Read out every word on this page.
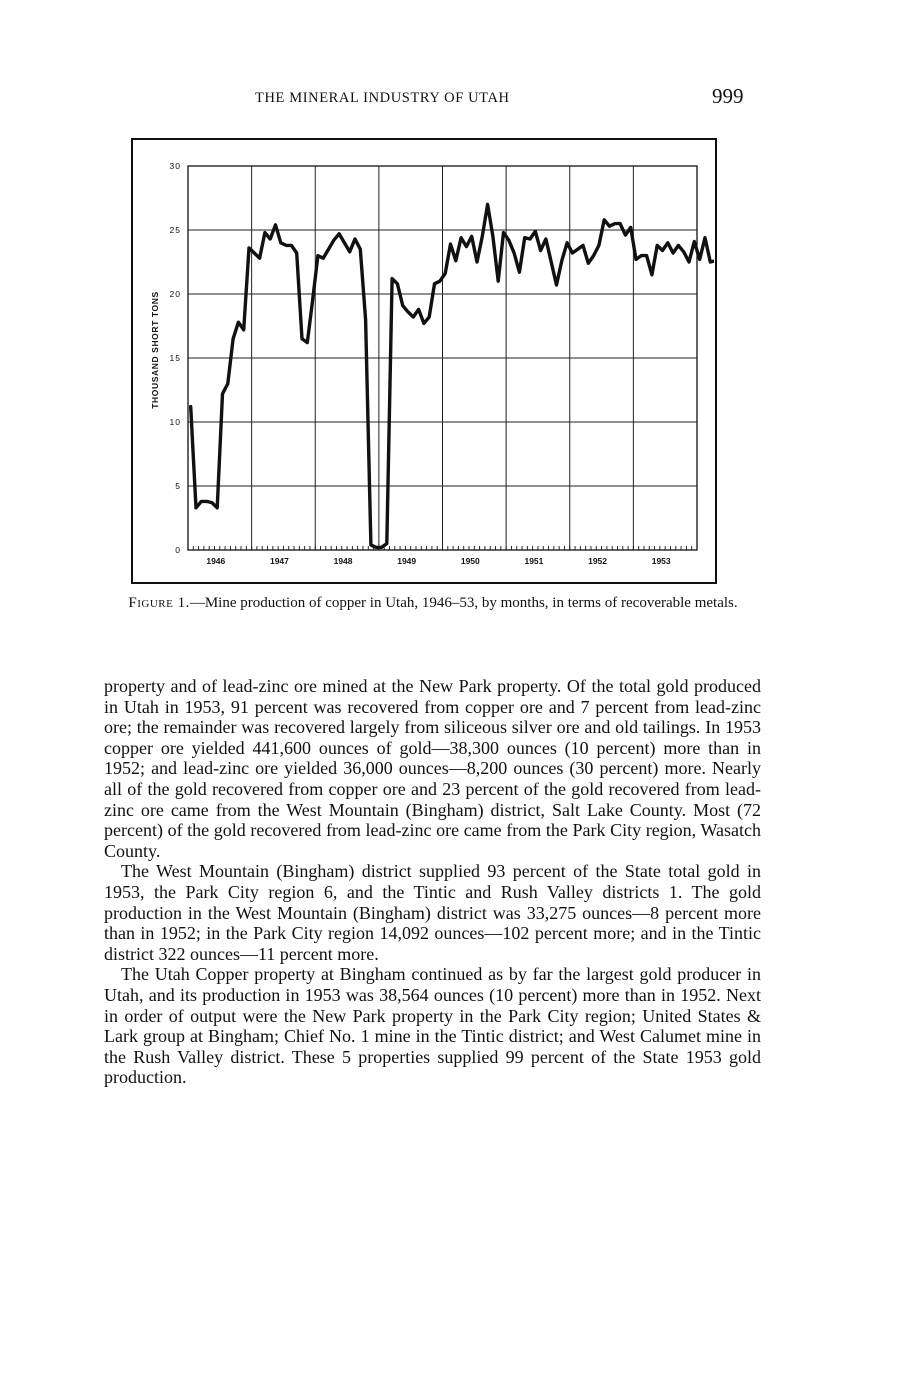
THE MINERAL INDUSTRY OF UTAH	999
0
5
10
15
20
25
30
1946	1947	1948	1949	1950	1951	1952	1953
THOUSAND SHORT TONS
Figure 1.—Mine production of copper in Utah, 1946–53, by months, in terms of recoverable metals.

property and of lead-zinc ore mined at the New Park property. Of the total gold produced in Utah in 1953, 91 percent was recovered from copper ore and 7 percent from lead-zinc ore; the remainder was recovered largely from siliceous silver ore and old tailings. In 1953 copper ore yielded 441,600 ounces of gold—38,300 ounces (10 percent) more than in 1952; and lead-zinc ore yielded 36,000 ounces—8,200 ounces (30 percent) more. Nearly all of the gold recovered from copper ore and 23 percent of the gold recovered from lead-zinc ore came from the West Mountain (Bingham) district, Salt Lake County. Most (72 percent) of the gold recovered from lead-zinc ore came from the Park City region, Wasatch County.

The West Mountain (Bingham) district supplied 93 percent of the State total gold in 1953, the Park City region 6, and the Tintic and Rush Valley districts 1. The gold production in the West Mountain (Bingham) district was 33,275 ounces—8 percent more than in 1952; in the Park City region 14,092 ounces—102 percent more; and in the Tintic district 322 ounces—11 percent more.

The Utah Copper property at Bingham continued as by far the largest gold producer in Utah, and its production in 1953 was 38,564 ounces (10 percent) more than in 1952. Next in order of output were the New Park property in the Park City region; United States & Lark group at Bingham; Chief No. 1 mine in the Tintic district; and West Calumet mine in the Rush Valley district. These 5 properties supplied 99 percent of the State 1953 gold production.
